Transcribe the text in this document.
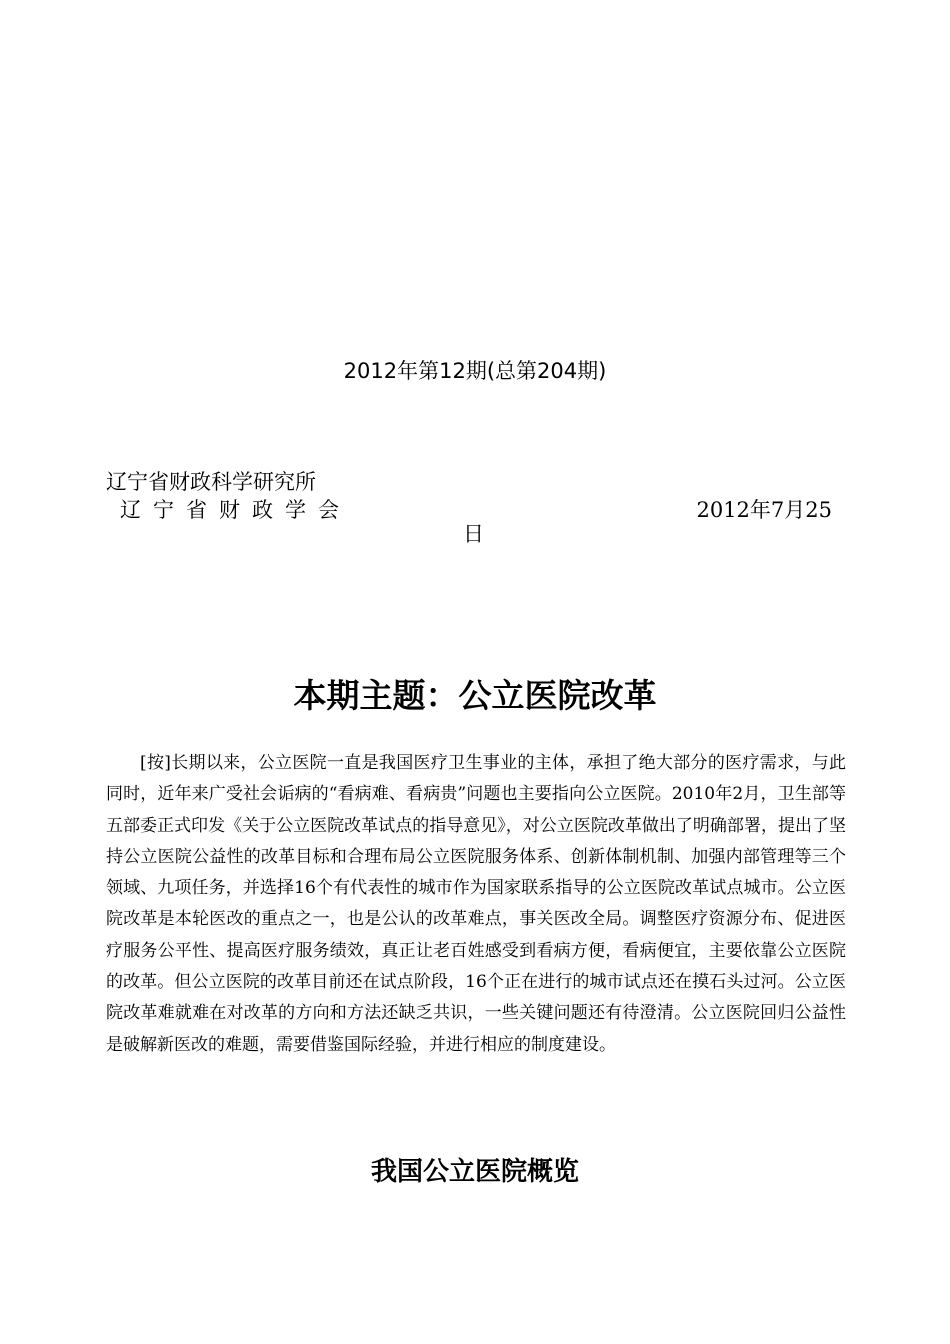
2012年第12期(总第204期)
辽宁省财政科学研究所
辽宁省财政学会	2012年7月25
日
本期主题：公立医院改革

[按]长期以来，公立医院一直是我国医疗卫生事业的主体，承担了绝大部分的医疗需求，与此同时，近年来广受社会诟病的“看病难、看病贵”问题也主要指向公立医院。2010年2月，卫生部等五部委正式印发《关于公立医院改革试点的指导意见》，对公立医院改革做出了明确部署，提出了坚持公立医院公益性的改革目标和合理布局公立医院服务体系、创新体制机制、加强内部管理等三个领域、九项任务，并选择16个有代表性的城市作为国家联系指导的公立医院改革试点城市。公立医院改革是本轮医改的重点之一，也是公认的改革难点，事关医改全局。调整医疗资源分布、促进医疗服务公平性、提高医疗服务绩效，真正让老百姓感受到看病方便，看病便宜，主要依靠公立医院的改革。但公立医院的改革目前还在试点阶段，16个正在进行的城市试点还在摸石头过河。公立医院改革难就难在对改革的方向和方法还缺乏共识，一些关键问题还有待澄清。公立医院回归公益性是破解新医改的难题，需要借鉴国际经验，并进行相应的制度建设。

我国公立医院概览
